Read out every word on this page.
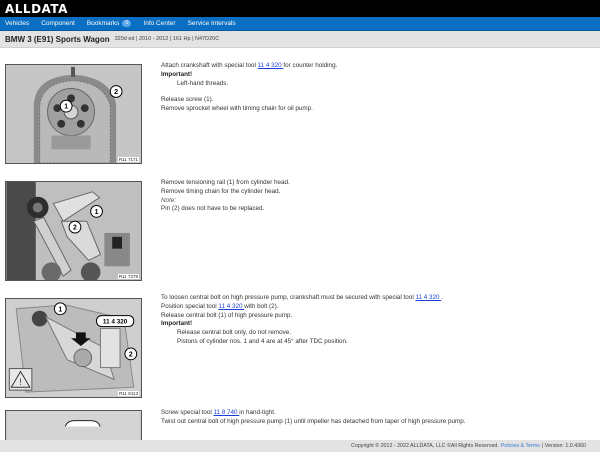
ALLDATA
Vehicles Component Bookmarks	0	Info Center Service Intervals
BMW 3 (E91) Sports Wagon 320d ed | 2010 - 2012 | 161 Hp | N47D20C
1
2
R11 7171
Attach crankshaft with special tool 11 4 320 for counter holding.
Important!
Left-hand threads.
Release screw (1).
Remove sprocket wheel with timing chain for oil pump.
1
2
R11 7279
Remove tensioning rail (1) from cylinder head.
Remove timing chain for the cylinder head.
Note:
Pin (2) does not have to be replaced.
1
11 4 320
2
!
R11 8113
To loosen central bolt on high pressure pump, crankshaft must be secured with special tool 11 4 320 .
Position special tool 11 4 320 with bolt (2).
Release central bolt (1) of high pressure pump.
Important!
Release central bolt only, do not remove.
Pistons of cylinder nos. 1 and 4 are at 45° after TDC position.
Screw special tool 11 8 740 in hand-tight.
Twist out central bolt of high pressure pump (1) until impeller has detached from taper of high pressure pump.
Copyright © 2012 - 2022 ALLDATA, LLC ©All Rights Reserved. Policies & Terms | Version: 1.0.4360
